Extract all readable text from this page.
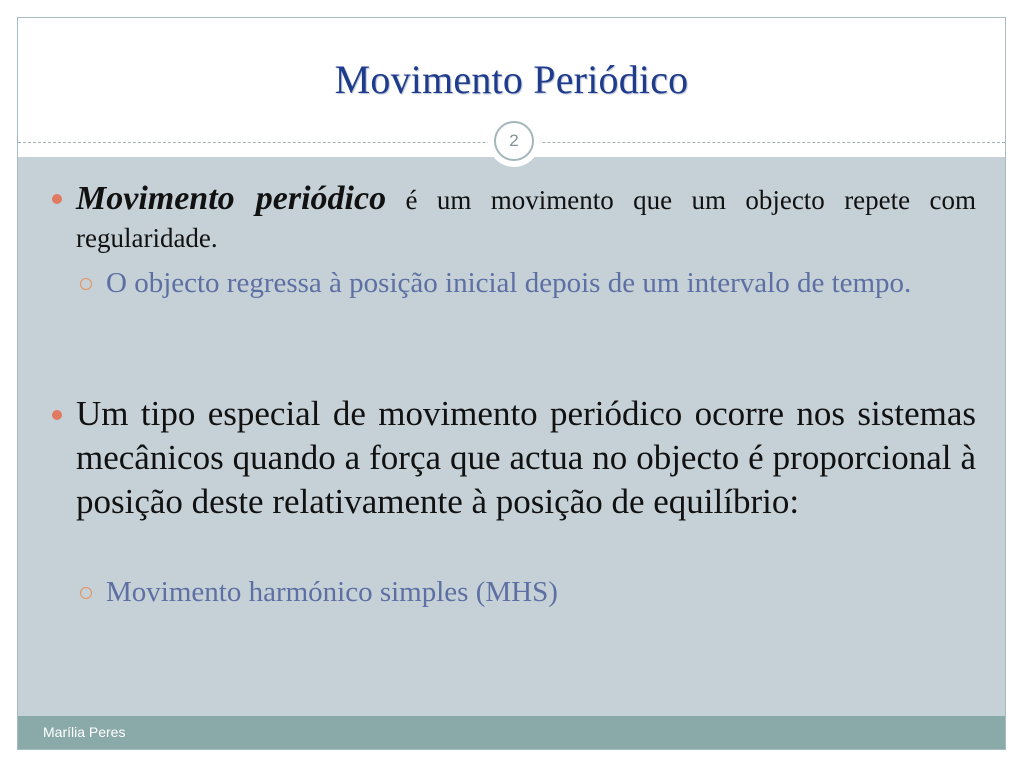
Movimento Periódico
2
Movimento periódico é um movimento que um objecto repete com regularidade.
O objecto regressa à posição inicial depois de um intervalo de tempo.
Um tipo especial de movimento periódico ocorre nos sistemas mecânicos quando a força que actua no objecto é proporcional à posição deste relativamente à posição de equilíbrio:
Movimento harmónico simples (MHS)
Marília Peres
